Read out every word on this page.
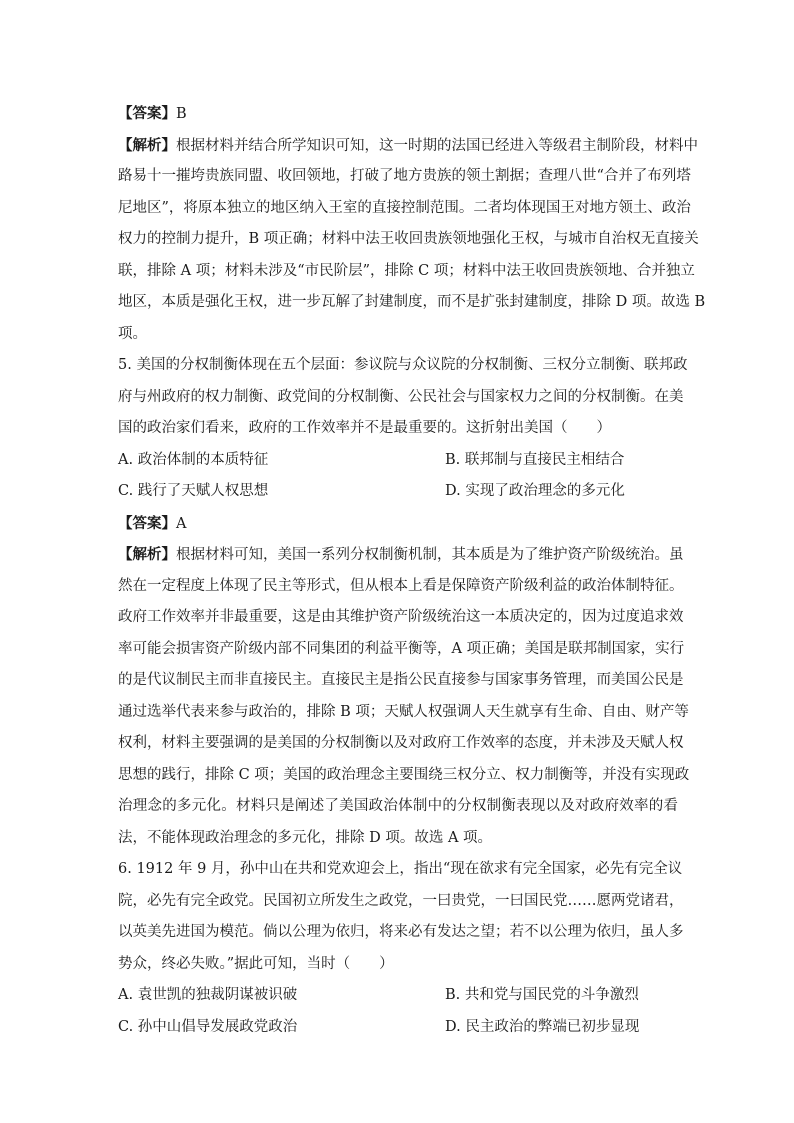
【答案】B
【解析】根据材料并结合所学知识可知，这一时期的法国已经进入等级君主制阶段，材料中
路易十一摧垮贵族同盟、收回领地，打破了地方贵族的领土割据；查理八世“合并了布列塔
尼地区”，将原本独立的地区纳入王室的直接控制范围。二者均体现国王对地方领土、政治
权力的控制力提升，B 项正确；材料中法王收回贵族领地强化王权，与城市自治权无直接关
联，排除 A 项；材料未涉及“市民阶层”，排除 C 项；材料中法王收回贵族领地、合并独立
地区，本质是强化王权，进一步瓦解了封建制度，而不是扩张封建制度，排除 D 项。故选 B
项。
5. 美国的分权制衡体现在五个层面：参议院与众议院的分权制衡、三权分立制衡、联邦政
府与州政府的权力制衡、政党间的分权制衡、公民社会与国家权力之间的分权制衡。在美
国的政治家们看来，政府的工作效率并不是最重要的。这折射出美国（　　）
A. 政治体制的本质特征	B. 联邦制与直接民主相结合
C. 践行了天赋人权思想	D. 实现了政治理念的多元化
【答案】A
【解析】根据材料可知，美国一系列分权制衡机制，其本质是为了维护资产阶级统治。虽
然在一定程度上体现了民主等形式，但从根本上看是保障资产阶级利益的政治体制特征。
政府工作效率并非最重要，这是由其维护资产阶级统治这一本质决定的，因为过度追求效
率可能会损害资产阶级内部不同集团的利益平衡等，A 项正确；美国是联邦制国家，实行
的是代议制民主而非直接民主。直接民主是指公民直接参与国家事务管理，而美国公民是
通过选举代表来参与政治的，排除 B 项；天赋人权强调人天生就享有生命、自由、财产等
权利，材料主要强调的是美国的分权制衡以及对政府工作效率的态度，并未涉及天赋人权
思想的践行，排除 C 项；美国的政治理念主要围绕三权分立、权力制衡等，并没有实现政
治理念的多元化。材料只是阐述了美国政治体制中的分权制衡表现以及对政府效率的看
法，不能体现政治理念的多元化，排除 D 项。故选 A 项。
6. 1912 年 9 月，孙中山在共和党欢迎会上，指出“现在欲求有完全国家，必先有完全议
院，必先有完全政党。民国初立所发生之政党，一曰贵党，一曰国民党……愿两党诸君，
以英美先进国为模范。倘以公理为依归，将来必有发达之望；若不以公理为依归，虽人多
势众，终必失败。”据此可知，当时（　　）
A. 袁世凯的独裁阴谋被识破	B. 共和党与国民党的斗争激烈
C. 孙中山倡导发展政党政治	D. 民主政治的弊端已初步显现
